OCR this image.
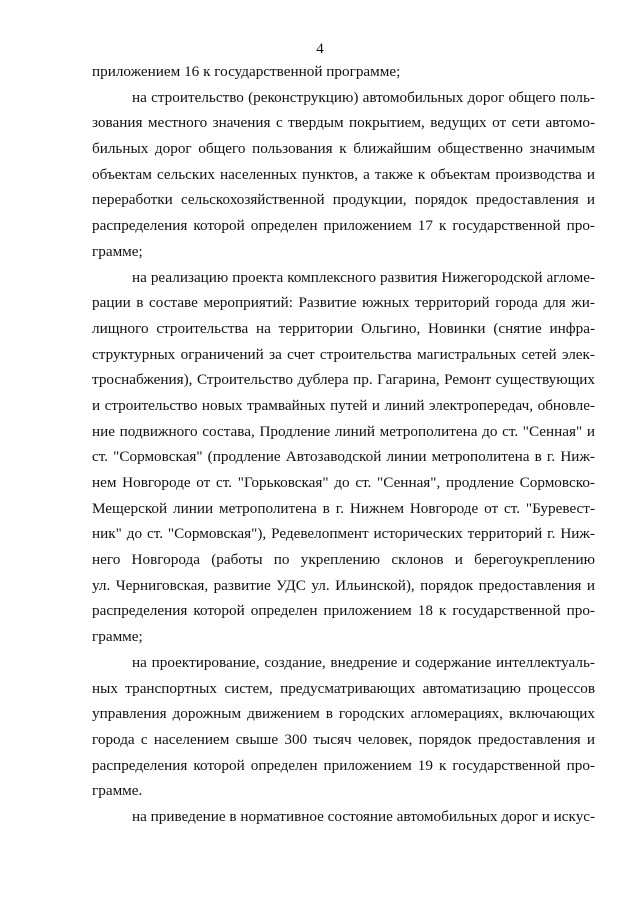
4
приложением 16 к государственной программе;
на строительство (реконструкцию) автомобильных дорог общего поль-
зования местного значения с твердым покрытием, ведущих от сети автомо-
бильных дорог общего пользования к ближайшим общественно значимым
объектам сельских населенных пунктов, а также к объектам производства и
переработки сельскохозяйственной продукции, порядок предоставления и
распределения которой определен приложением 17 к государственной про-
грамме;
на реализацию проекта комплексного развития Нижегородской агломе-
рации в составе мероприятий: Развитие южных территорий города для жи-
лищного строительства на территории Ольгино, Новинки (снятие инфра-
структурных ограничений за счет строительства магистральных сетей элек-
троснабжения), Строительство дублера пр. Гагарина, Ремонт существующих
и строительство новых трамвайных путей и линий электропередач, обновле-
ние подвижного состава, Продление линий метрополитена до ст. "Сенная" и
ст. "Сормовская" (продление Автозаводской линии метрополитена в г. Ниж-
нем Новгороде от ст. "Горьковская" до ст. "Сенная", продление Сормовско-
Мещерской линии метрополитена в г. Нижнем Новгороде от ст. "Буревест-
ник" до ст. "Сормовская"), Редевелопмент исторических территорий г. Ниж-
него Новгорода (работы по укреплению склонов и берегоукреплению
ул. Черниговская, развитие УДС ул. Ильинской), порядок предоставления и
распределения которой определен приложением 18 к государственной про-
грамме;
на проектирование, создание, внедрение и содержание интеллектуаль-
ных транспортных систем, предусматривающих автоматизацию процессов
управления дорожным движением в городских агломерациях, включающих
города с населением свыше 300 тысяч человек, порядок предоставления и
распределения которой определен приложением 19 к государственной про-
грамме.
на приведение в нормативное состояние автомобильных дорог и искус-
